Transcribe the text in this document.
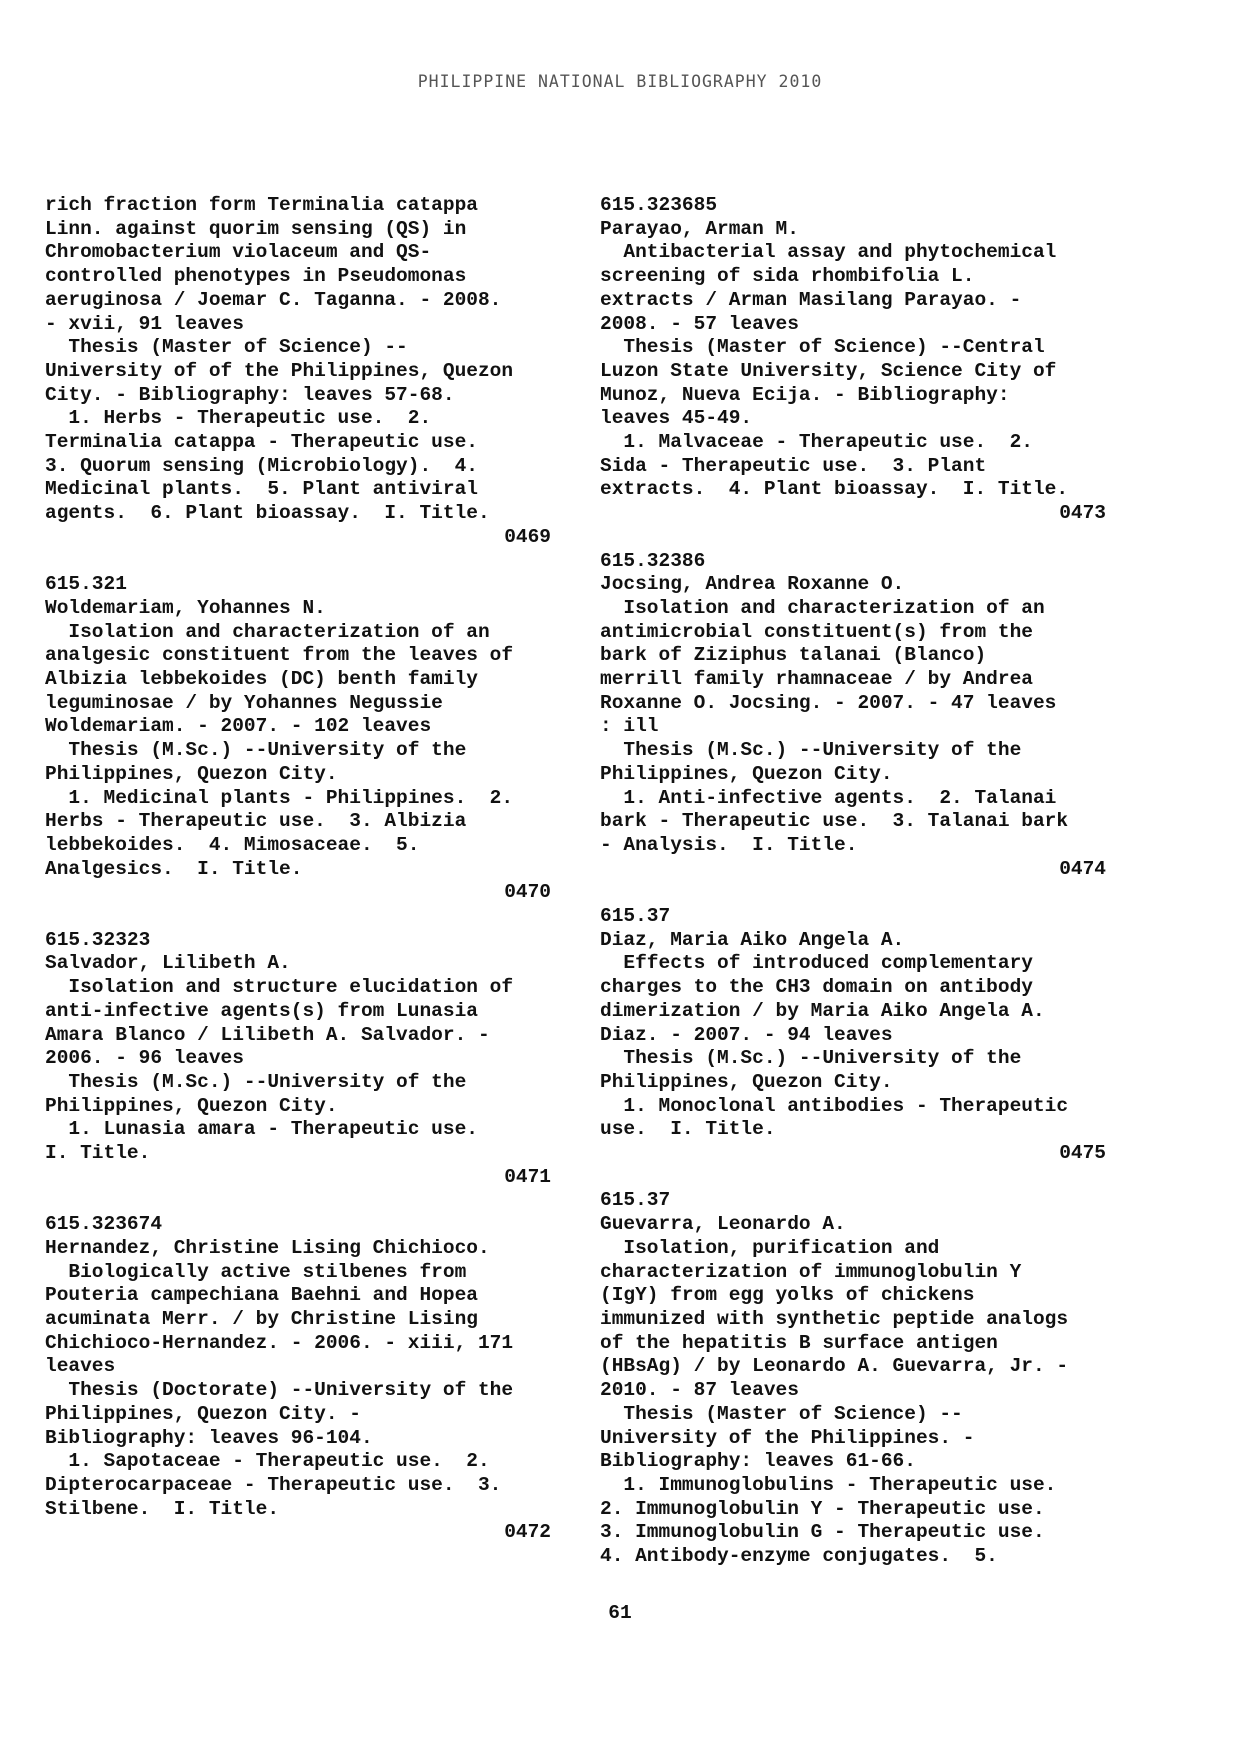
PHILIPPINE NATIONAL BIBLIOGRAPHY 2010
rich fraction form Terminalia catappa
Linn. against quorim sensing (QS) in
Chromobacterium violaceum and QS-
controlled phenotypes in Pseudomonas
aeruginosa / Joemar C. Taganna. - 2008.
- xvii, 91 leaves
Thesis (Master of Science) --
University of of the Philippines, Quezon
City. - Bibliography: leaves 57-68.
1. Herbs - Therapeutic use.  2.
Terminalia catappa - Therapeutic use.
3. Quorum sensing (Microbiology).  4.
Medicinal plants.  5. Plant antiviral
agents.  6. Plant bioassay.  I. Title.
0469
615.321
Woldemariam, Yohannes N.
Isolation and characterization of an
analgesic constituent from the leaves of
Albizia lebbekoides (DC) benth family
leguminosae / by Yohannes Negussie
Woldemariam. - 2007. - 102 leaves
Thesis (M.Sc.) --University of the
Philippines, Quezon City.
1. Medicinal plants - Philippines.  2.
Herbs - Therapeutic use.  3. Albizia
lebbekoides.  4. Mimosaceae.  5.
Analgesics.  I. Title.
0470
615.32323
Salvador, Lilibeth A.
Isolation and structure elucidation of
anti-infective agents(s) from Lunasia
Amara Blanco / Lilibeth A. Salvador. -
2006. - 96 leaves
Thesis (M.Sc.) --University of the
Philippines, Quezon City.
1. Lunasia amara - Therapeutic use.
I. Title.
0471
615.323674
Hernandez, Christine Lising Chichioco.
Biologically active stilbenes from
Pouteria campechiana Baehni and Hopea
acuminata Merr. / by Christine Lising
Chichioco-Hernandez. - 2006. - xiii, 171
leaves
Thesis (Doctorate) --University of the
Philippines, Quezon City. -
Bibliography: leaves 96-104.
1. Sapotaceae - Therapeutic use.  2.
Dipterocarpaceae - Therapeutic use.  3.
Stilbene.  I. Title.
0472
615.323685
Parayao, Arman M.
Antibacterial assay and phytochemical
screening of sida rhombifolia L.
extracts / Arman Masilang Parayao. -
2008. - 57 leaves
Thesis (Master of Science) --Central
Luzon State University, Science City of
Munoz, Nueva Ecija. - Bibliography:
leaves 45-49.
1. Malvaceae - Therapeutic use.  2.
Sida - Therapeutic use.  3. Plant
extracts.  4. Plant bioassay.  I. Title.
0473
615.32386
Jocsing, Andrea Roxanne O.
Isolation and characterization of an
antimicrobial constituent(s) from the
bark of Ziziphus talanai (Blanco)
merrill family rhamnaceae / by Andrea
Roxanne O. Jocsing. - 2007. - 47 leaves
: ill
Thesis (M.Sc.) --University of the
Philippines, Quezon City.
1. Anti-infective agents.  2. Talanai
bark - Therapeutic use.  3. Talanai bark
- Analysis.  I. Title.
0474
615.37
Diaz, Maria Aiko Angela A.
Effects of introduced complementary
charges to the CH3 domain on antibody
dimerization / by Maria Aiko Angela A.
Diaz. - 2007. - 94 leaves
Thesis (M.Sc.) --University of the
Philippines, Quezon City.
1. Monoclonal antibodies - Therapeutic
use.  I. Title.
0475
615.37
Guevarra, Leonardo A.
Isolation, purification and
characterization of immunoglobulin Y
(IgY) from egg yolks of chickens
immunized with synthetic peptide analogs
of the hepatitis B surface antigen
(HBsAg) / by Leonardo A. Guevarra, Jr. -
2010. - 87 leaves
Thesis (Master of Science) --
University of the Philippines. -
Bibliography: leaves 61-66.
1. Immunoglobulins - Therapeutic use.
2. Immunoglobulin Y - Therapeutic use.
3. Immunoglobulin G - Therapeutic use.
4. Antibody-enzyme conjugates.  5.
61
